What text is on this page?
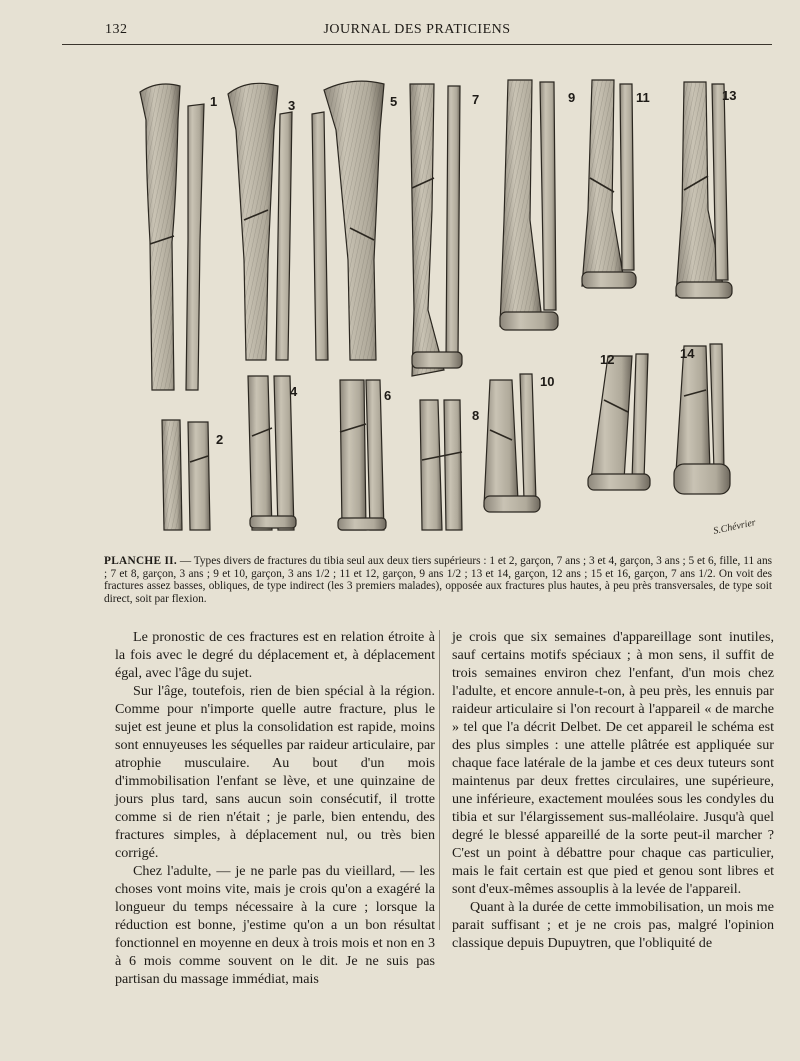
132	JOURNAL DES PRATICIENS
1
2
3
4
5
6
7
8
9
10
11
12
13
14
S.Chévrier
PLANCHE II. — Types divers de fractures du tibia seul aux deux tiers supérieurs : 1 et 2, garçon, 7 ans ; 3 et 4, garçon, 3 ans ; 5 et 6, fille, 11 ans ; 7 et 8, garçon, 3 ans ; 9 et 10, garçon, 3 ans 1/2 ; 11 et 12, garçon, 9 ans 1/2 ; 13 et 14, garçon, 12 ans ; 15 et 16, garçon, 7 ans 1/2. On voit des fractures assez basses, obliques, de type indirect (les 3 premiers malades), opposée aux fractures plus hautes, à peu près transversales, de type soit direct, soit par flexion.

Le pronostic de ces fractures est en relation étroite à la fois avec le degré du déplacement et, à déplacement égal, avec l'âge du sujet.

Sur l'âge, toutefois, rien de bien spécial à la région. Comme pour n'importe quelle autre fracture, plus le sujet est jeune et plus la consolidation est rapide, moins sont ennuyeuses les séquelles par raideur articulaire, par atrophie musculaire. Au bout d'un mois d'immobilisation l'enfant se lève, et une quinzaine de jours plus tard, sans aucun soin consécutif, il trotte comme si de rien n'était ; je parle, bien entendu, des fractures simples, à déplacement nul, ou très bien corrigé.

Chez l'adulte, — je ne parle pas du vieillard, — les choses vont moins vite, mais je crois qu'on a exagéré la longueur du temps nécessaire à la cure ; lorsque la réduction est bonne, j'estime qu'on a un bon résultat fonctionnel en moyenne en deux à trois mois et non en 3 à 6 mois comme souvent on le dit. Je ne suis pas partisan du massage immédiat, mais

je crois que six semaines d'appareillage sont inutiles, sauf certains motifs spéciaux ; à mon sens, il suffit de trois semaines environ chez l'enfant, d'un mois chez l'adulte, et encore annule-t-on, à peu près, les ennuis par raideur articulaire si l'on recourt à l'appareil « de marche » tel que l'a décrit Delbet. De cet appareil le schéma est des plus simples : une attelle plâtrée est appliquée sur chaque face latérale de la jambe et ces deux tuteurs sont maintenus par deux frettes circulaires, une supérieure, une inférieure, exactement moulées sous les condyles du tibia et sur l'élargissement sus-malléolaire. Jusqu'à quel degré le blessé appareillé de la sorte peut-il marcher ? C'est un point à débattre pour chaque cas particulier, mais le fait certain est que pied et genou sont libres et sont d'eux-mêmes assouplis à la levée de l'appareil.

Quant à la durée de cette immobilisation, un mois me parait suffisant ; et je ne crois pas, malgré l'opinion classique depuis Dupuytren, que l'obliquité de
